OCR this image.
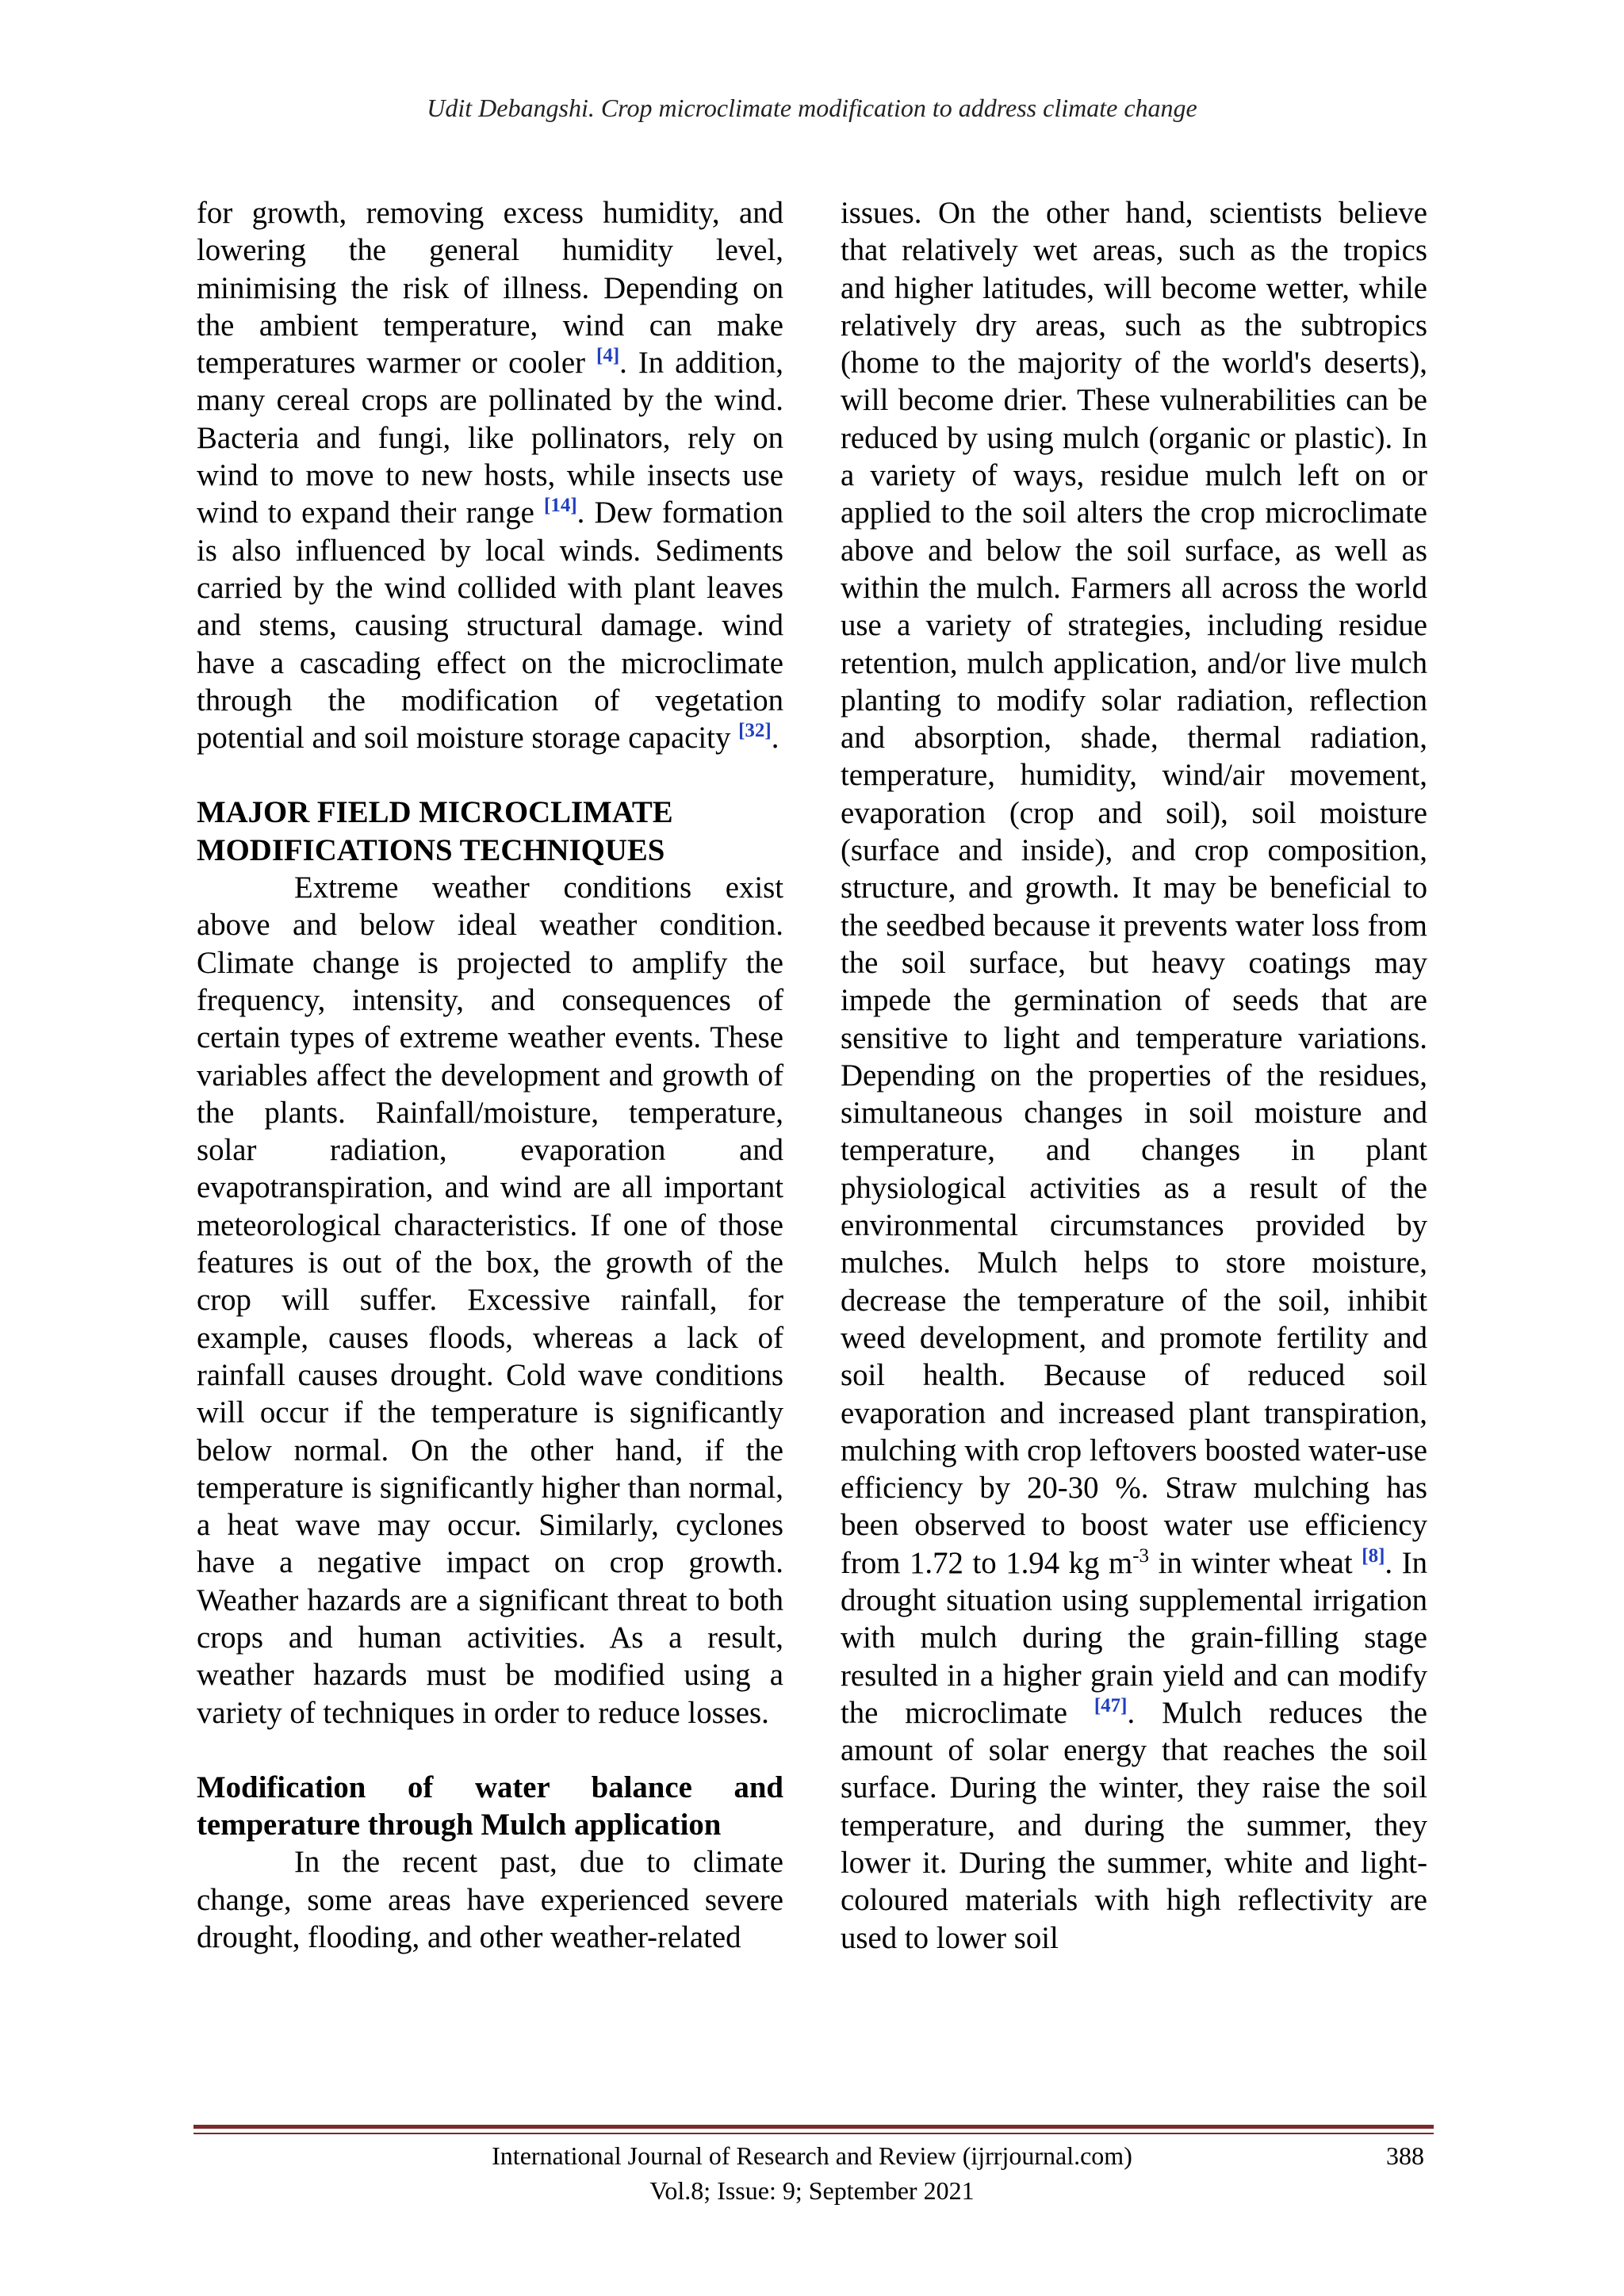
Udit Debangshi. Crop microclimate modification to address climate change

for growth, removing excess humidity, and lowering the general humidity level, minimising the risk of illness. Depending on the ambient temperature, wind can make temperatures warmer or cooler [4]. In addition, many cereal crops are pollinated by the wind. Bacteria and fungi, like pollinators, rely on wind to move to new hosts, while insects use wind to expand their range [14]. Dew formation is also influenced by local winds. Sediments carried by the wind collided with plant leaves and stems, causing structural damage. wind have a cascading effect on the microclimate through the modification of vegetation potential and soil moisture storage capacity [32].

MAJOR FIELD MICROCLIMATE MODIFICATIONS TECHNIQUES

Extreme weather conditions exist above and below ideal weather condition. Climate change is projected to amplify the frequency, intensity, and consequences of certain types of extreme weather events. These variables affect the development and growth of the plants. Rainfall/moisture, temperature, solar radiation, evaporation and evapotranspiration, and wind are all important meteorological characteristics. If one of those features is out of the box, the growth of the crop will suffer. Excessive rainfall, for example, causes floods, whereas a lack of rainfall causes drought. Cold wave conditions will occur if the temperature is significantly below normal. On the other hand, if the temperature is significantly higher than normal, a heat wave may occur. Similarly, cyclones have a negative impact on crop growth. Weather hazards are a significant threat to both crops and human activities. As a result, weather hazards must be modified using a variety of techniques in order to reduce losses.

Modification of water balance and temperature through Mulch application

In the recent past, due to climate change, some areas have experienced severe drought, flooding, and other weather-related

issues. On the other hand, scientists believe that relatively wet areas, such as the tropics and higher latitudes, will become wetter, while relatively dry areas, such as the subtropics (home to the majority of the world's deserts), will become drier. These vulnerabilities can be reduced by using mulch (organic or plastic). In a variety of ways, residue mulch left on or applied to the soil alters the crop microclimate above and below the soil surface, as well as within the mulch. Farmers all across the world use a variety of strategies, including residue retention, mulch application, and/or live mulch planting to modify solar radiation, reflection and absorption, shade, thermal radiation, temperature, humidity, wind/air movement, evaporation (crop and soil), soil moisture (surface and inside), and crop composition, structure, and growth. It may be beneficial to the seedbed because it prevents water loss from the soil surface, but heavy coatings may impede the germination of seeds that are sensitive to light and temperature variations. Depending on the properties of the residues, simultaneous changes in soil moisture and temperature, and changes in plant physiological activities as a result of the environmental circumstances provided by mulches. Mulch helps to store moisture, decrease the temperature of the soil, inhibit weed development, and promote fertility and soil health. Because of reduced soil evaporation and increased plant transpiration, mulching with crop leftovers boosted water-use efficiency by 20-30 %. Straw mulching has been observed to boost water use efficiency from 1.72 to 1.94 kg $m^{-3}$ in winter wheat [8]. In drought situation using supplemental irrigation with mulch during the grain-filling stage resulted in a higher grain yield and can modify the microclimate [47]. Mulch reduces the amount of solar energy that reaches the soil surface. During the winter, they raise the soil temperature, and during the summer, they lower it. During the summer, white and light-coloured materials with high reflectivity are used to lower soil

International Journal of Research and Review (ijrrjournal.com)	388
Vol.8; Issue: 9; September 2021
